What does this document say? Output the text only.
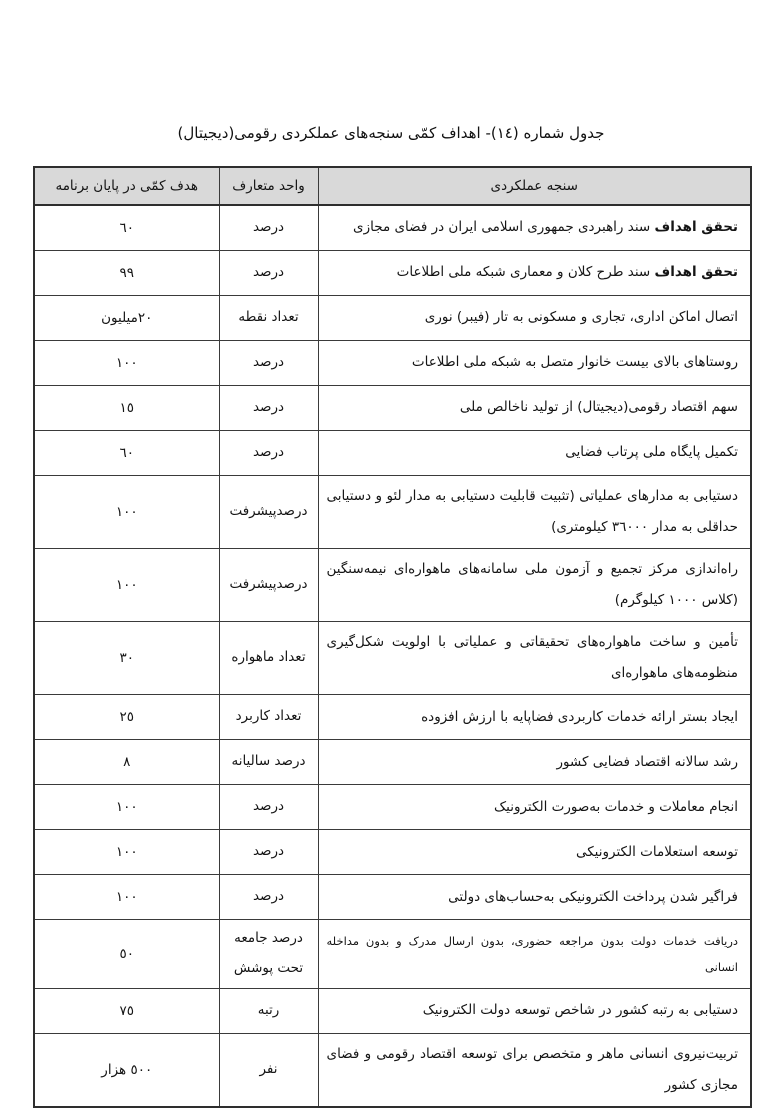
جدول شماره (١٤)- اهداف کمّی سنجه‌های عملکردی رقومی(دیجیتال)
سنجه عملکردی	واحد متعارف	هدف کمّی در پایان برنامه
تحقق اهداف سند راهبردی جمهوری اسلامی ایران در فضای مجازی	درصد	٦٠
تحقق اهداف سند طرح کلان و معماری شبکه ملی اطلاعات	درصد	٩٩
اتصال اماکن اداری، تجاری و مسکونی به تار (فیبر) نوری	تعداد نقطه	٢٠میلیون
روستاهای بالای بیست خانوار متصل به شبکه ملی اطلاعات	درصد	١٠٠
سهم اقتصاد رقومی(دیجیتال) از تولید ناخالص ملی	درصد	١٥
تکمیل پایگاه ملی پرتاب فضایی	درصد	٦٠
دستیابی به مدارهای عملیاتی (تثبیت قابلیت دستیابی به مدار لئو و دستیابی حداقلی به مدار ٣٦٠٠٠ کیلومتری)	درصدپیشرفت	١٠٠
راه‌اندازی مرکز تجمیع و آزمون ملی سامانه‌های ماهواره‌ای نیمه‌سنگین (کلاس ١٠٠٠ کیلوگرم)	درصدپیشرفت	١٠٠
تأمین و ساخت ماهواره‌های تحقیقاتی و عملیاتی با اولویت شکل‌گیری منظومه‌های ماهواره‌ای	تعداد ماهواره	٣٠
ایجاد بستر ارائه خدمات کاربردی فضاپایه با ارزش افزوده	تعداد کاربرد	٢٥
رشد سالانه اقتصاد فضایی کشور	درصد سالیانه	٨
انجام معاملات و خدمات به‌صورت الکترونیک	درصد	١٠٠
توسعه استعلامات الکترونیکی	درصد	١٠٠
فراگیر شدن پرداخت الکترونیکی به‌حساب‌های دولتی	درصد	١٠٠
دریافت خدمات دولت بدون مراجعه حضوری، بدون ارسال مدرک و بدون مداخله انسانی	درصد جامعه تحت پوشش	٥٠
دستیابی به رتبه کشور در شاخص توسعه دولت الکترونیک	رتبه	٧٥
تربیت‌نیروی انسانی ماهر و متخصص برای توسعه اقتصاد رقومی و فضای مجازی کشور	نفر	٥٠٠ هزار
